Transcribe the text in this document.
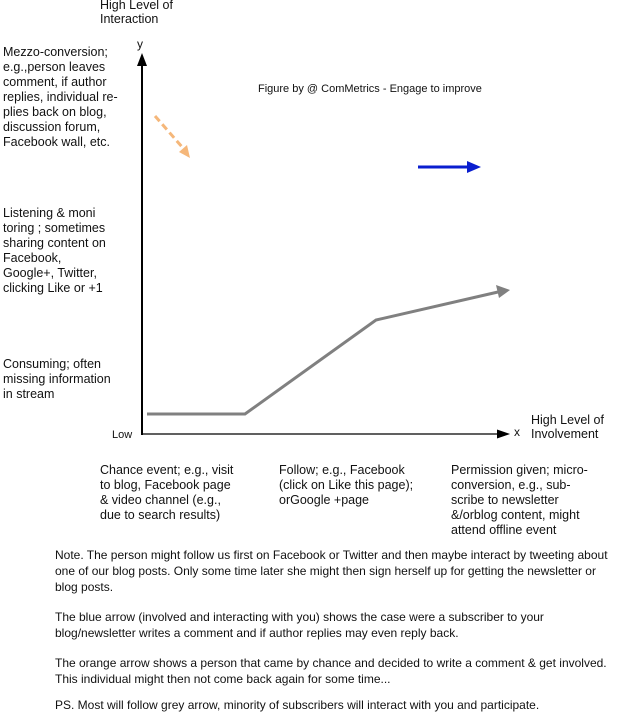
High Level of
Interaction
y
High Level of
Involvement
x
Low
Figure by @ ComMetrics - Engage to improve
Mezzo-conversion;
e.g.,person leaves
comment, if author
replies, individual re-
plies back on blog,
discussion forum,
Facebook wall, etc.
Listening & moni
toring ; sometimes
sharing content on
Facebook,
Google+, Twitter,
clicking Like or +1
Consuming; often
missing information
in stream
Chance event; e.g., visit
to blog, Facebook page
& video channel (e.g.,
due to search results)
Follow; e.g., Facebook
(click on Like this page);
orGoogle +page
Permission given; micro-
conversion, e.g., sub-
scribe to newsletter
&/orblog content, might
attend offline event
Note. The person might follow us first on Facebook or Twitter and then maybe interact by tweeting about one of our blog posts. Only some time later she might then sign herself up for getting the newsletter or blog posts.
The blue arrow (involved and interacting with you) shows the case were a subscriber to your blog/newsletter writes a comment and if author replies may even reply back.
The orange arrow shows a person that came by chance and decided to write a comment & get involved. This individual might then not come back again for some time...
PS. Most will follow grey arrow, minority of subscribers will interact with you and participate.
